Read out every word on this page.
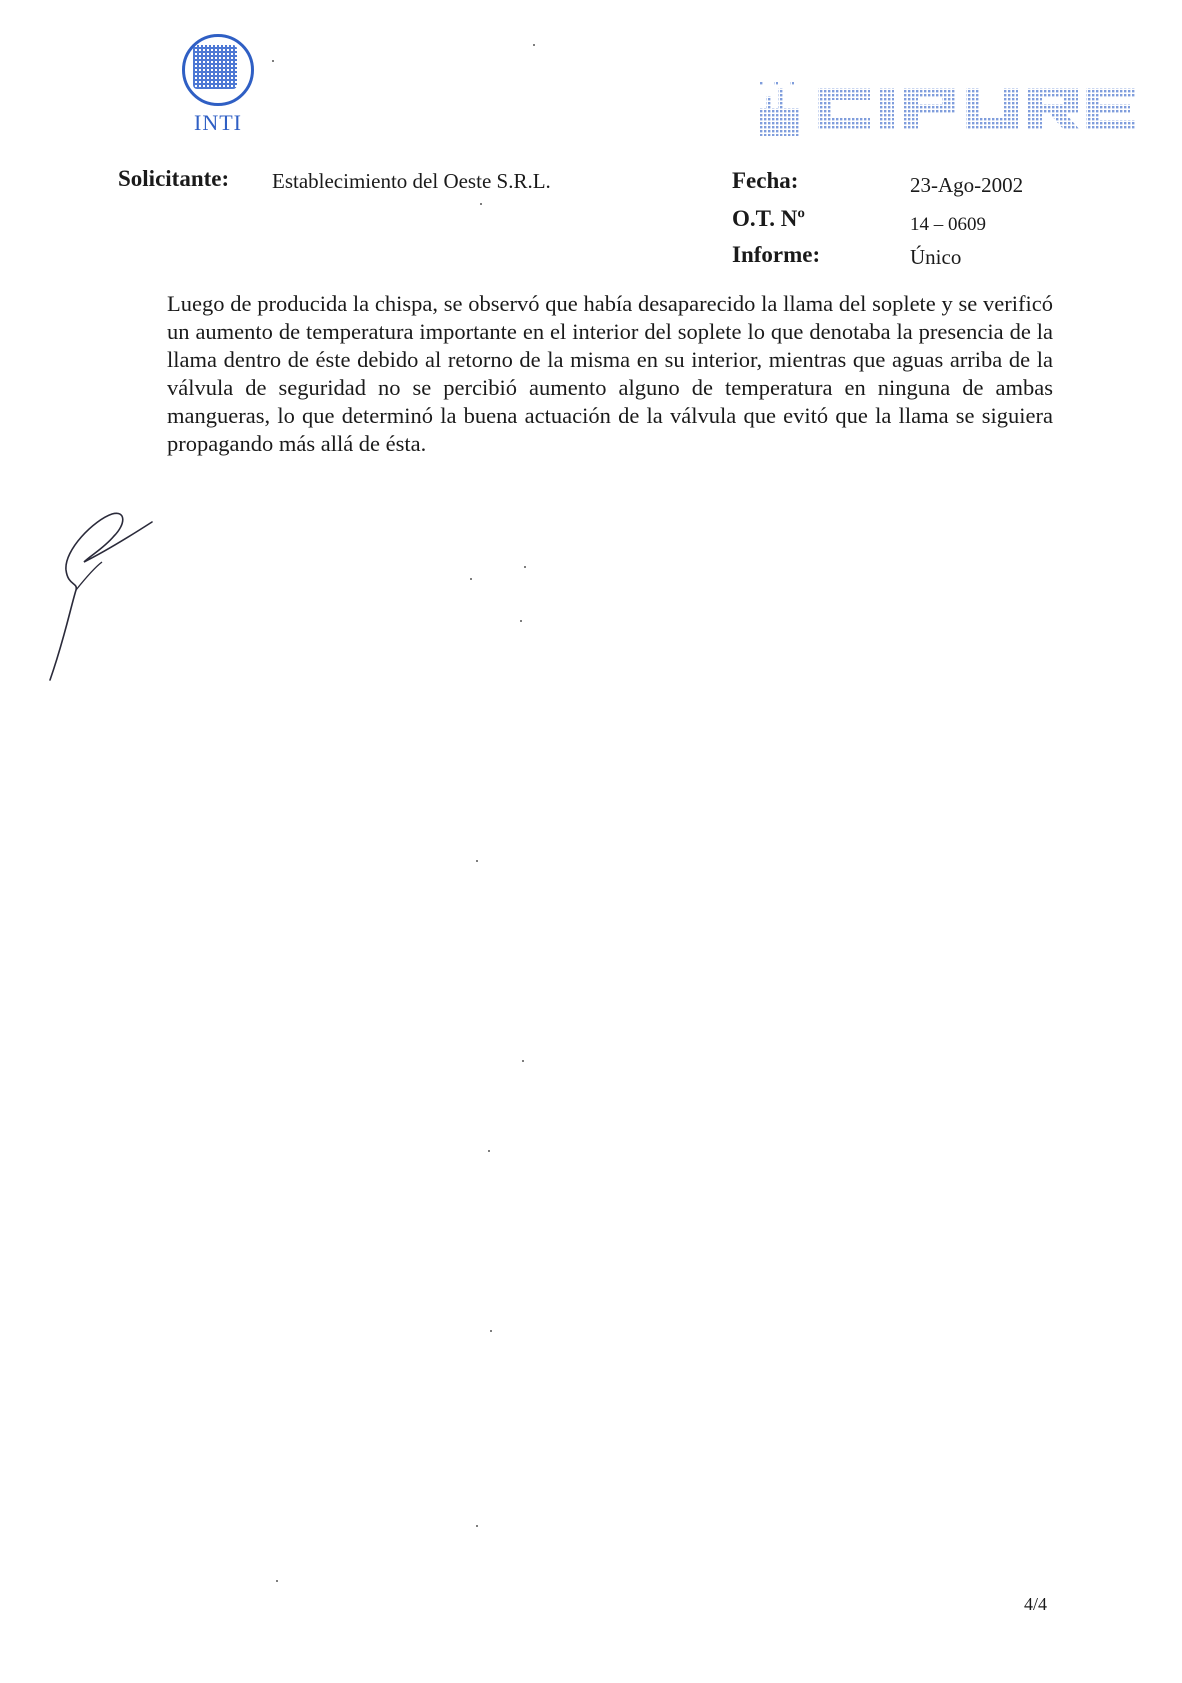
INTI
Solicitante: Establecimiento del Oeste S.R.L.	Fecha:	23-Ago-2002
O.T. Nº	14 – 0609
Informe:	Único
Luego de producida la chispa, se observó que había desaparecido la llama del soplete y se verificó un aumento de temperatura importante en el interior del soplete lo que denotaba la presencia de la llama dentro de éste debido al retorno de la misma en su interior, mientras que aguas arriba de la válvula de seguridad no se percibió aumento alguno de temperatura en ninguna de ambas mangueras, lo que determinó la buena actuación de la válvula que evitó que la llama se siguiera propagando más allá de ésta.
4/4
